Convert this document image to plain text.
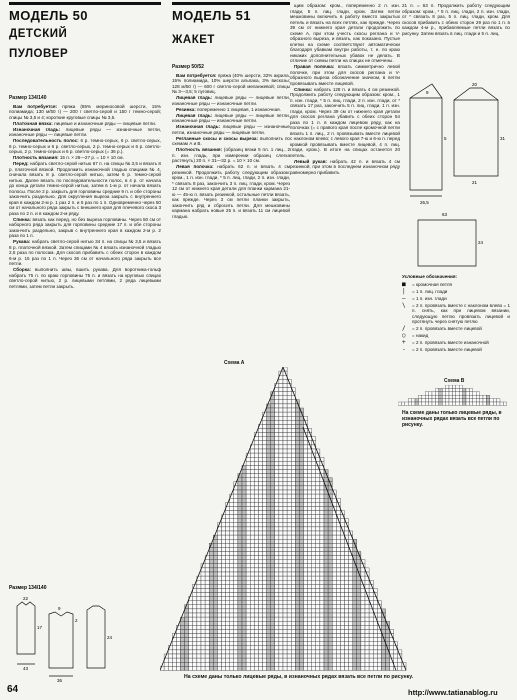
МОДЕЛЬ 50
ДЕТСКИЙ
ПУЛОВЕР
Размер 134/140

Вам потребуется: пряжа (85% мериносовой шерсти, 15% полиамида; 130 м/50 г) — 200 г светло-серой и 150 г темно-серой; спицы № 3,5 и 4; короткие круговые спицы № 3,5.

Платочная вязка: лицевые и изнаночные ряды — лицевые петли.

Изнаночная гладь: лицевые ряды — изнаночные петли, изнаночные ряды — лицевые петли.

Последовательность полос: 6 р. темно-серых, 6 р. светло-серых, 6 р. темно-серых и 6 р. светло-серых, 2 р. темно-серых и 6 р. светло-серых, 2 р. темно-серых и 6 р. светло-серых (= 36 р.).

Плотность вязания: 15 п. × 26—27 р. = 10 × 10 см.

Перед: набрать светло-серой нитью 67 п. на спицы № 3,5 и вязать 8 р. платочной вязкой. Продолжить изнаночной гладью спицами № 4, сначала вязать 8 р. светло-серой нитью, затем 6 р. темно-серой нитью. Далее вязать по последовательности полос, в 4 р. от начала до конца детали темно-серой нитью, затем в 1-м р. от начала вязать полосы. После 2 р. закрыть для горловины средние 9 п. и обе стороны закончить раздельно. Для округления выреза закрыть с внутреннего края в каждом 2-м р. 1 раз 2 п. и 5 раз по 1 п. Одновременно через 50 см от начального ряда закрыть с внешнего края для плечевого скоса 3 раза по 2 п. и в каждом 2-м ряду.

Спинка: вязать как перед, но без выреза горловины. Через 50 см от наборного ряда закрыть для горловины средние 17 п. и обе стороны закончить раздельно, закрыв с внутреннего края в каждом 2-м р. 2 раза по 1 п.

Рукава: набрать светло-серой нитью 34 п. на спицы № 3,5 и вязать 8 р. платочной вязкой. Затем спицами № 4 вязать изнаночной гладью 2,5 раза по полосам. Для скосов прибавить с обеих сторон в каждом 6-м р. 15 раз по 1 п. Через 36 см от начального ряда закрыть все петли.

Сборка: выполнить швы, вшить рукава. Для воротника-гольф набрать 75 п. по краю горловины 75 п. и вязать на круговых спицах светло-серой нитью, 2 р. лицевыми петлями, 2 ряда лицевыми петлями, затем петли закрыть.

Размер 134/140
22
17
9
2
43
36
24
МОДЕЛЬ 51
ЖАКЕТ
Размер 50/52

Вам потребуется: пряжа (40% шерсти, 32% акрила, 15% полиамида, 10% шерсти альпака, 3% вискозы; 128 м/50 г) — 600 г светло-серой меланжевой; спицы № 3—3,5; 5 пуговиц.

Лицевая гладь: лицевые ряды — лицевые петли, изнаночные ряды — изнаночные петли.

Резинка: попеременно 1 лицевая, 1 изнаночная.

Лицевая гладь: лицевые ряды — лицевые петли, изнаночные ряды — изнаночные петли.

Изнаночная гладь: лицевые ряды — изнаночные петли, изнаночные ряды — лицевые петли.

Регланные скосы и скосы выреза: выполнить по схемам А и В.

Плотность вязания: (образец вязки 5 пл. 1 лиц., 2 п. изн. гладь, при измерении образец слегка растянуть) 20 п. × 31—32 р. = 10 × 10 см.

Левая полочка: набрать 62 п. и вязать 4 см резинкой. Продолжить работу следующим образом: кром., 1 п. изн. глади, * 5 п. лиц. глади, 2 п. изн. глади, * связать 8 раз, закончить 3 п. лиц. глади, кром. Через 12 см от нижнего края детали для планки кармана 21-ю — 45-ю п. вязать резинкой, остальные петли вязать, как прежде. Через 3 см петли планки закрыть, закончить ряд и сбросить петли. Для мешковины кармана набрать новые 25 п. и вязать 11 см лицевой гладью.

щим образом: кром., попеременно 2 п. изн. глади, 5 п. лиц. глади, кром. Затем петли мешковины включить в работу вместо закрытых петель и вязать на всех петлях, как прежде. Через 39 см от нижнего края детали продолжить по схеме А, при этом учесть скосы реглана и V-образного выреза, и вязать, как показано. Пустые клетки на схеме соответствуют автоматически благодаря убавкам внутри работы, т. е. по краю никаких дополнительных убавок не делать. В отличие от схемы петли на спицах не отмечены.

Правая полочка: вязать симметрично левой полочке, при этом для скосов реглана и V-образного выреза обозначение значком, в петли провязывать вместе лицевой.

Спинка: набрать 128 п. и вязать 4 см резинкой. Продолжить работу следующим образом: кром., 1 п. изн. глади, * 5 п. лиц. глади, 2 п. изн. глади, от * связать 17 раз, закончить 5 п. лиц. глади, 1 п. изн. глади, кром. Через 39 см от нижнего края детали для скосов реглана убавить с обеих сторон 54 раза по 1 п. в каждом лицевом ряду, как на полочках (= с правого края после кромочной петли вязать 1 п. лиц., 2 п. провязывать вместе лицевой с наклоном влево; с левого края 7-ю и 6-ю п. перед кромкой провязывать вместе лицевой, 4 п. лиц. глади, кром.). В итоге на спицах останется 20 петель.

Левый рукав: набрать 42 п. и вязать 4 см резинкой, при этом в последнем изнаночном ряду равномерно прибавить

21 п. = 63 п. Продолжить работу следующим образом: кром., * 5 п. лиц. глади, 2 п. изн. глади, от * связать 8 раз, 5 п. лиц. глади, кром. Для скосов прибавить с обеих сторон 29 раз по 1 п. в каждом 4-м р., прибавляемые петли вязать по рисунку. Затем вязать в лиц. глади и 5 п. лиц.

9
5
26,5
20
31
21
63
24
Условные обозначения:
■	= кромочная петля
|	= 1 п. лиц. глади
—	= 1 п. изн. глади
\	= 2 п. провязать вместе с наклоном влево = 1 п. снять, как при лицевом вязании, следующую петлю провязать лицевой и протянуть через снятую петлю
/	= 2 п. провязать вместе лицевой
○	= накид
+	= 2 п. провязать вместе изнаночной
-	= 2 п. провязать вместе лицевой
Схема В
На схеме даны только лицевые ряды, в изнаночных рядах вязать все петли по рисунку.
Схема А
На схеме даны только лицевые ряды, в изнаночных рядах вязать все петли по рисунку.
64	http://www.tatianablog.ru
